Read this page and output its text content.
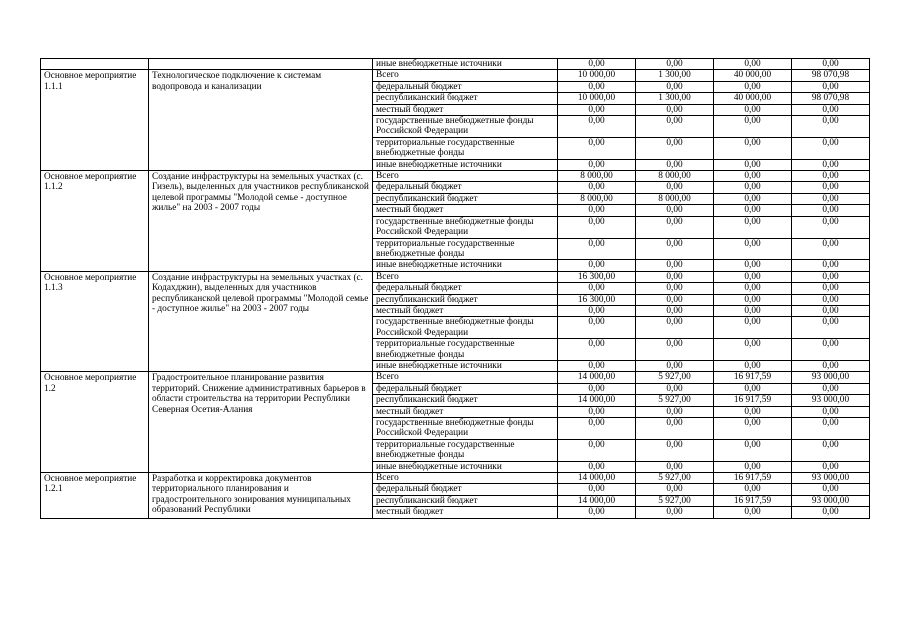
		иные внебюджетные источники	0,00	0,00	0,00	0,00
Основное мероприятие 1.1.1	Технологическое подключение к системам водопровода и канализации	Всего	10 000,00	1 300,00	40 000,00	98 070,98
		федеральный бюджет	0,00	0,00	0,00	0,00
		республиканский бюджет	10 000,00	1 300,00	40 000,00	98 070,98
		местный бюджет	0,00	0,00	0,00	0,00
		государственные внебюджетные фонды Российской Федерации	0,00	0,00	0,00	0,00
		территориальные государственные внебюджетные фонды	0,00	0,00	0,00	0,00
		иные внебюджетные источники	0,00	0,00	0,00	0,00
Основное мероприятие 1.1.2	Создание инфраструктуры на земельных участках (с. Гизель), выделенных для участников республиканской целевой программы "Молодой семье - доступное жилье" на 2003 - 2007 годы	Всего	8 000,00	8 000,00	0,00	0,00
		федеральный бюджет	0,00	0,00	0,00	0,00
		республиканский бюджет	8 000,00	8 000,00	0,00	0,00
		местный бюджет	0,00	0,00	0,00	0,00
		государственные внебюджетные фонды Российской Федерации	0,00	0,00	0,00	0,00
		территориальные государственные внебюджетные фонды	0,00	0,00	0,00	0,00
		иные внебюджетные источники	0,00	0,00	0,00	0,00
Основное мероприятие 1.1.3	Создание инфраструктуры на земельных участках (с. Кодахджин), выделенных для участников республиканской целевой программы "Молодой семье - доступное жилье" на 2003 - 2007 годы	Всего	16 300,00	0,00	0,00	0,00
		федеральный бюджет	0,00	0,00	0,00	0,00
		республиканский бюджет	16 300,00	0,00	0,00	0,00
		местный бюджет	0,00	0,00	0,00	0,00
		государственные внебюджетные фонды Российской Федерации	0,00	0,00	0,00	0,00
		территориальные государственные внебюджетные фонды	0,00	0,00	0,00	0,00
		иные внебюджетные источники	0,00	0,00	0,00	0,00
Основное мероприятие 1.2	Градостроительное планирование развития территорий. Снижение административных барьеров в области строительства на территории Республики Северная Осетия-Алания	Всего	14 000,00	5 927,00	16 917,59	93 000,00
		федеральный бюджет	0,00	0,00	0,00	0,00
		республиканский бюджет	14 000,00	5 927,00	16 917,59	93 000,00
		местный бюджет	0,00	0,00	0,00	0,00
		государственные внебюджетные фонды Российской Федерации	0,00	0,00	0,00	0,00
		территориальные государственные внебюджетные фонды	0,00	0,00	0,00	0,00
		иные внебюджетные источники	0,00	0,00	0,00	0,00
Основное мероприятие 1.2.1	Разработка и корректировка документов территориального планирования и градостроительного зонирования муниципальных образований Республики	Всего	14 000,00	5 927,00	16 917,59	93 000,00
		федеральный бюджет	0,00	0,00	0,00	0,00
		республиканский бюджет	14 000,00	5 927,00	16 917,59	93 000,00
		местный бюджет	0,00	0,00	0,00	0,00
